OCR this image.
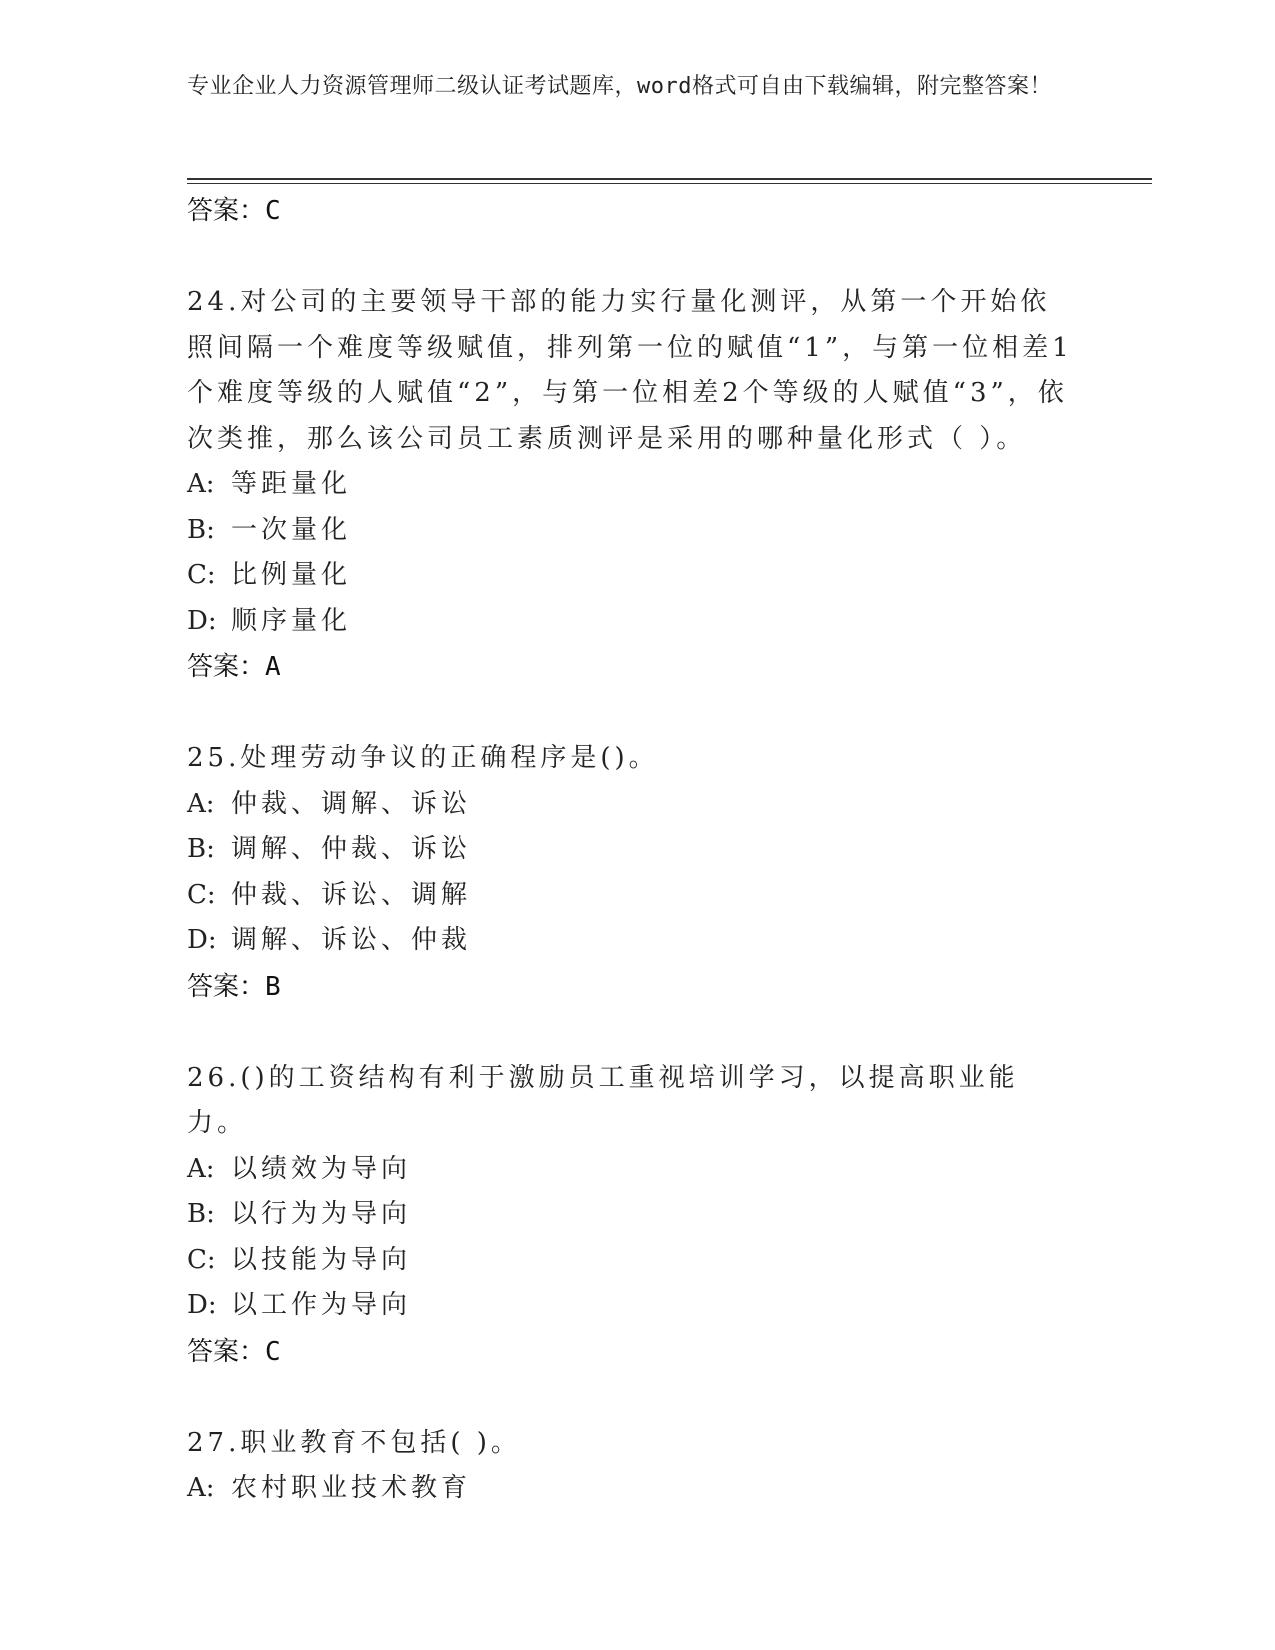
专业企业人力资源管理师二级认证考试题库，word格式可自由下载编辑，附完整答案！
答案：C
24.对公司的主要领导干部的能力实行量化测评，从第一个开始依照间隔一个难度等级赋值，排列第一位的赋值“1”，与第一位相差1个难度等级的人赋值“2”，与第一位相差2个等级的人赋值“3”，依次类推，那么该公司员工素质测评是采用的哪种量化形式（ ）。
A: 等距量化
B: 一次量化
C: 比例量化
D: 顺序量化
答案：A
25.处理劳动争议的正确程序是()。
A: 仲裁、调解、诉讼
B: 调解、仲裁、诉讼
C: 仲裁、诉讼、调解
D: 调解、诉讼、仲裁
答案：B
26.()的工资结构有利于激励员工重视培训学习，以提高职业能力。
A: 以绩效为导向
B: 以行为为导向
C: 以技能为导向
D: 以工作为导向
答案：C
27.职业教育不包括( )。
A: 农村职业技术教育
